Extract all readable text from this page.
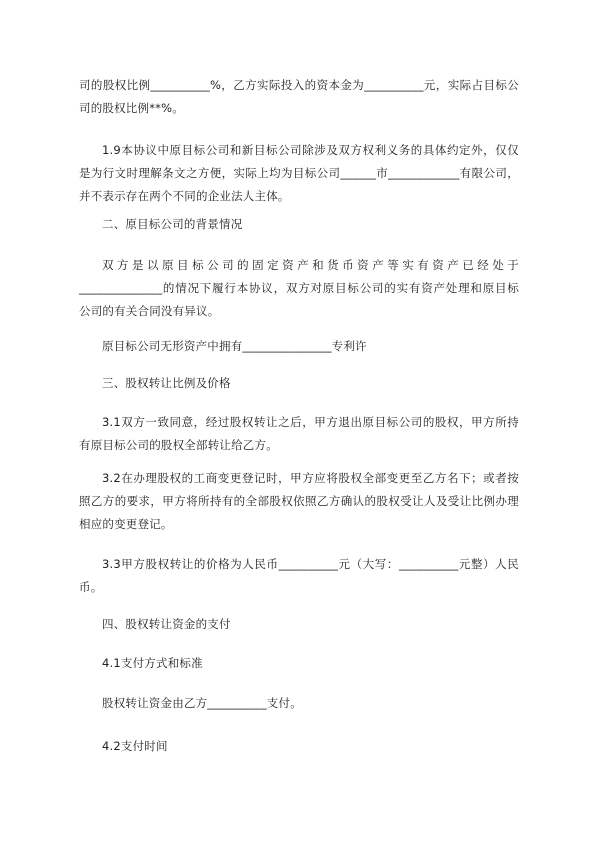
司的股权比例__________%，乙方实际投入的资本金为__________元，实际占目标公
司的股权比例**%。
1.9本协议中原目标公司和新目标公司除涉及双方权利义务的具体约定外，仅仅
是为行文时理解条文之方便，实际上均为目标公司______市____________有限公司，
并不表示存在两个不同的企业法人主体。
二、原目标公司的背景情况
双方是以原目标公司的固定资产和货币资产等实有资产已经处于
______________的情况下履行本协议，双方对原目标公司的实有资产处理和原目标
公司的有关合同没有异议。
原目标公司无形资产中拥有_______________专利许
三、股权转让比例及价格
3.1双方一致同意，经过股权转让之后，甲方退出原目标公司的股权，甲方所持
有原目标公司的股权全部转让给乙方。
3.2在办理股权的工商变更登记时，甲方应将股权全部变更至乙方名下；或者按
照乙方的要求，甲方将所持有的全部股权依照乙方确认的股权受让人及受让比例办理
相应的变更登记。
3.3甲方股权转让的价格为人民币__________元（大写：__________元整）人民
币。
四、股权转让资金的支付
4.1支付方式和标准
股权转让资金由乙方__________支付。
4.2支付时间
